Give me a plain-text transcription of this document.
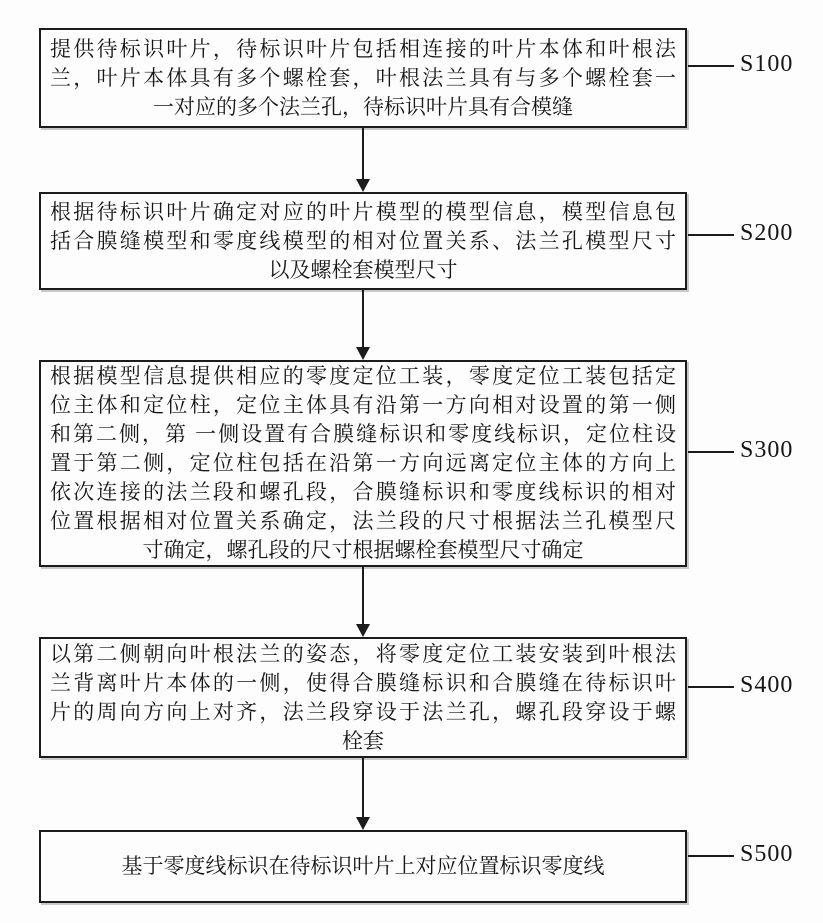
提供待标识叶片，待标识叶片包括相连接的叶片本体和叶根法
兰，叶片本体具有多个螺栓套，叶根法兰具有与多个螺栓套一
一对应的多个法兰孔，待标识叶片具有合模缝
S100
根据待标识叶片确定对应的叶片模型的模型信息，模型信息包
括合膜缝模型和零度线模型的相对位置关系、法兰孔模型尺寸
以及螺栓套模型尺寸
S200
根据模型信息提供相应的零度定位工装，零度定位工装包括定
位主体和定位柱，定位主体具有沿第一方向相对设置的第一侧
和第二侧，第 一侧设置有合膜缝标识和零度线标识，定位柱设
置于第二侧，定位柱包括在沿第一方向远离定位主体的方向上
依次连接的法兰段和螺孔段，合膜缝标识和零度线标识的相对
位置根据相对位置关系确定，法兰段的尺寸根据法兰孔模型尺
寸确定，螺孔段的尺寸根据螺栓套模型尺寸确定
S300
以第二侧朝向叶根法兰的姿态，将零度定位工装安装到叶根法
兰背离叶片本体的一侧，使得合膜缝标识和合膜缝在待标识叶
片的周向方向上对齐，法兰段穿设于法兰孔，螺孔段穿设于螺
栓套
S400
基于零度线标识在待标识叶片上对应位置标识零度线	S500
